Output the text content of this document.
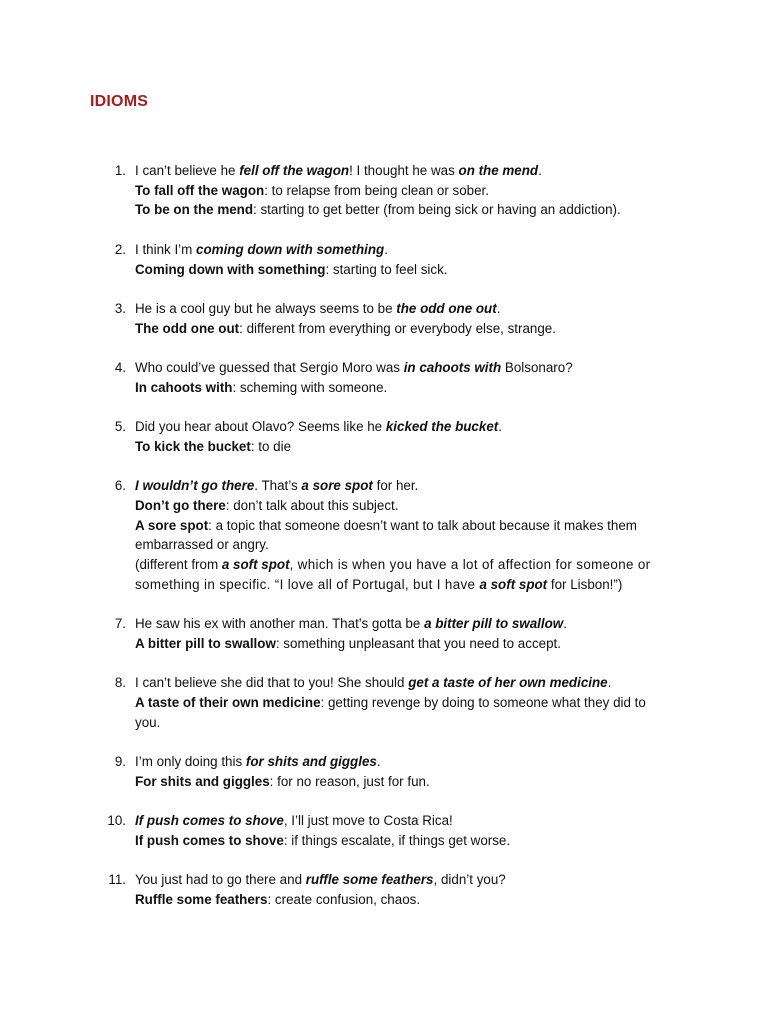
IDIOMS
1. I can’t believe he fell off the wagon! I thought he was on the mend.
To fall off the wagon: to relapse from being clean or sober.
To be on the mend: starting to get better (from being sick or having an addiction).
2. I think I’m coming down with something.
Coming down with something: starting to feel sick.
3. He is a cool guy but he always seems to be the odd one out.
The odd one out: different from everything or everybody else, strange.
4. Who could’ve guessed that Sergio Moro was in cahoots with Bolsonaro?
In cahoots with: scheming with someone.
5. Did you hear about Olavo? Seems like he kicked the bucket.
To kick the bucket: to die
6. I wouldn’t go there. That’s a sore spot for her.
Don’t go there: don’t talk about this subject.
A sore spot: a topic that someone doesn’t want to talk about because it makes them
embarrassed or angry.
(different from a soft spot, which is when you have a lot of affection for someone or
something in specific. “I love all of Portugal, but I have a soft spot for Lisbon!”)
7. He saw his ex with another man. That’s gotta be a bitter pill to swallow.
A bitter pill to swallow: something unpleasant that you need to accept.
8. I can’t believe she did that to you! She should get a taste of her own medicine.
A taste of their own medicine: getting revenge by doing to someone what they did to
you.
9. I’m only doing this for shits and giggles.
For shits and giggles: for no reason, just for fun.
10. If push comes to shove, I’ll just move to Costa Rica!
If push comes to shove: if things escalate, if things get worse.
11. You just had to go there and ruffle some feathers, didn’t you?
Ruffle some feathers: create confusion, chaos.
